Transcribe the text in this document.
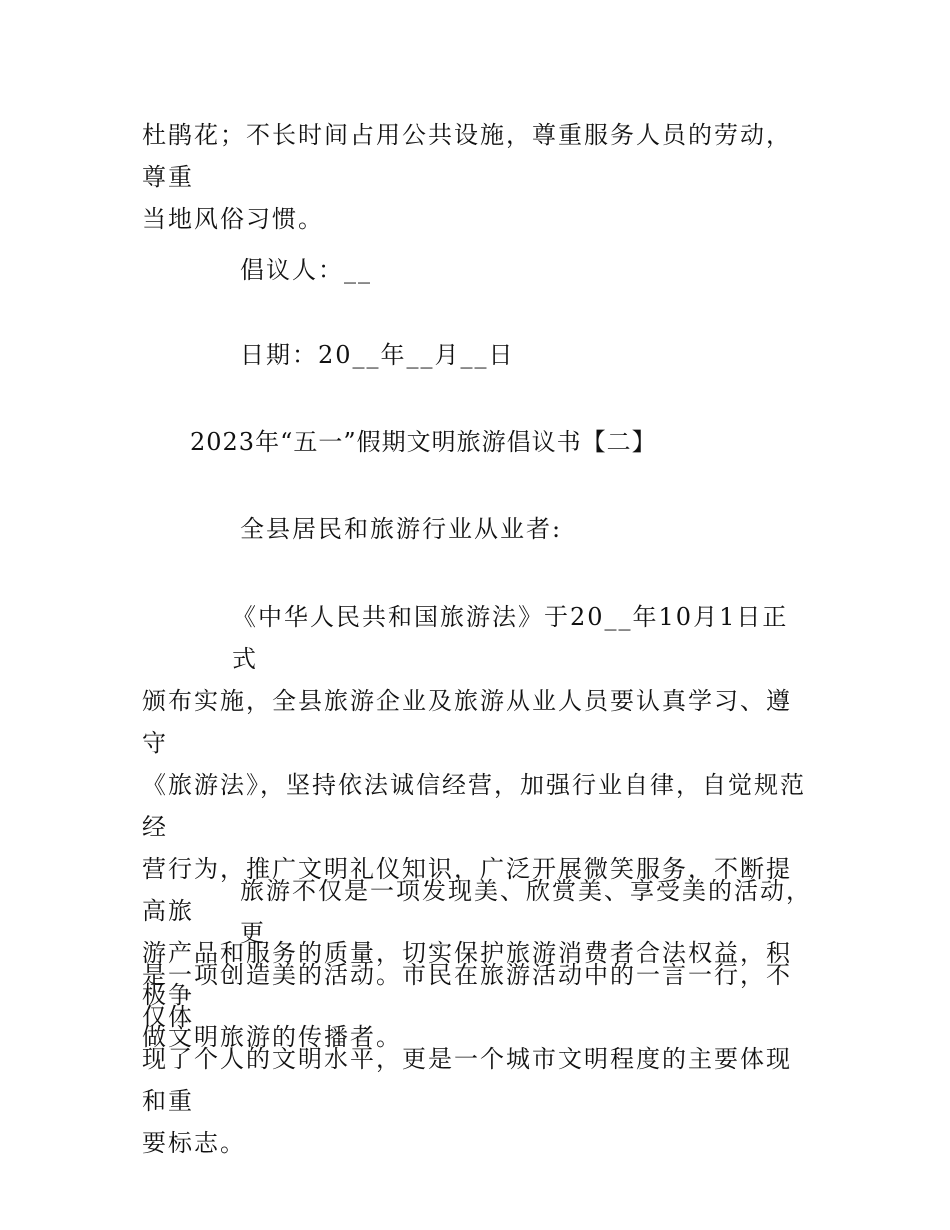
杜鹃花；不长时间占用公共设施，尊重服务人员的劳动，尊重
当地风俗习惯。
倡议人：__
日期：20__年__月__日
2023年“五一”假期文明旅游倡议书【二】
全县居民和旅游行业从业者:
《中华人民共和国旅游法》于20__年10月1日正式
颁布实施，全县旅游企业及旅游从业人员要认真学习、遵守
《旅游法》，坚持依法诚信经营，加强行业自律，自觉规范经
营行为，推广文明礼仪知识，广泛开展微笑服务，不断提高旅
游产品和服务的质量，切实保护旅游消费者合法权益，积极争
做文明旅游的传播者。
旅游不仅是一项发现美、欣赏美、享受美的活动，更
是一项创造美的活动。市民在旅游活动中的一言一行，不仅体
现了个人的文明水平，更是一个城市文明程度的主要体现和重
要标志。
